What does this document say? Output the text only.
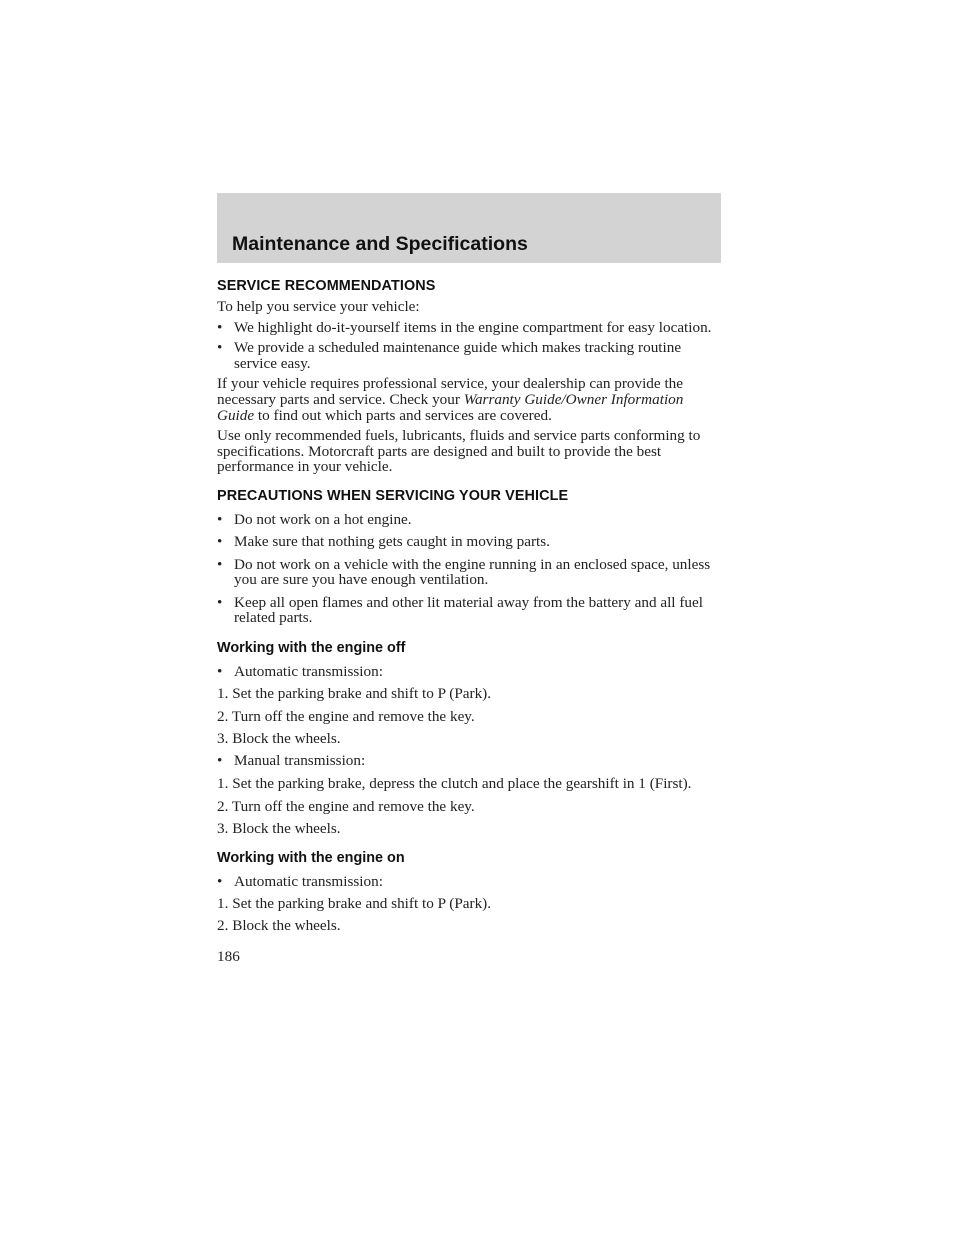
Maintenance and Specifications
SERVICE RECOMMENDATIONS

To help you service your vehicle:

• We highlight do-it-yourself items in the engine compartment for easy location.
• We provide a scheduled maintenance guide which makes tracking routine service easy.

If your vehicle requires professional service, your dealership can provide the necessary parts and service. Check your Warranty Guide/Owner Information Guide to find out which parts and services are covered.

Use only recommended fuels, lubricants, fluids and service parts conforming to specifications. Motorcraft parts are designed and built to provide the best performance in your vehicle.

PRECAUTIONS WHEN SERVICING YOUR VEHICLE
• Do not work on a hot engine.
• Make sure that nothing gets caught in moving parts.
• Do not work on a vehicle with the engine running in an enclosed space, unless you are sure you have enough ventilation.
• Keep all open flames and other lit material away from the battery and all fuel related parts.
Working with the engine off
• Automatic transmission:

1. Set the parking brake and shift to P (Park).

2. Turn off the engine and remove the key.

3. Block the wheels.

• Manual transmission:

1. Set the parking brake, depress the clutch and place the gearshift in 1 (First).

2. Turn off the engine and remove the key.

3. Block the wheels.

Working with the engine on
• Automatic transmission:

1. Set the parking brake and shift to P (Park).

2. Block the wheels.

186
